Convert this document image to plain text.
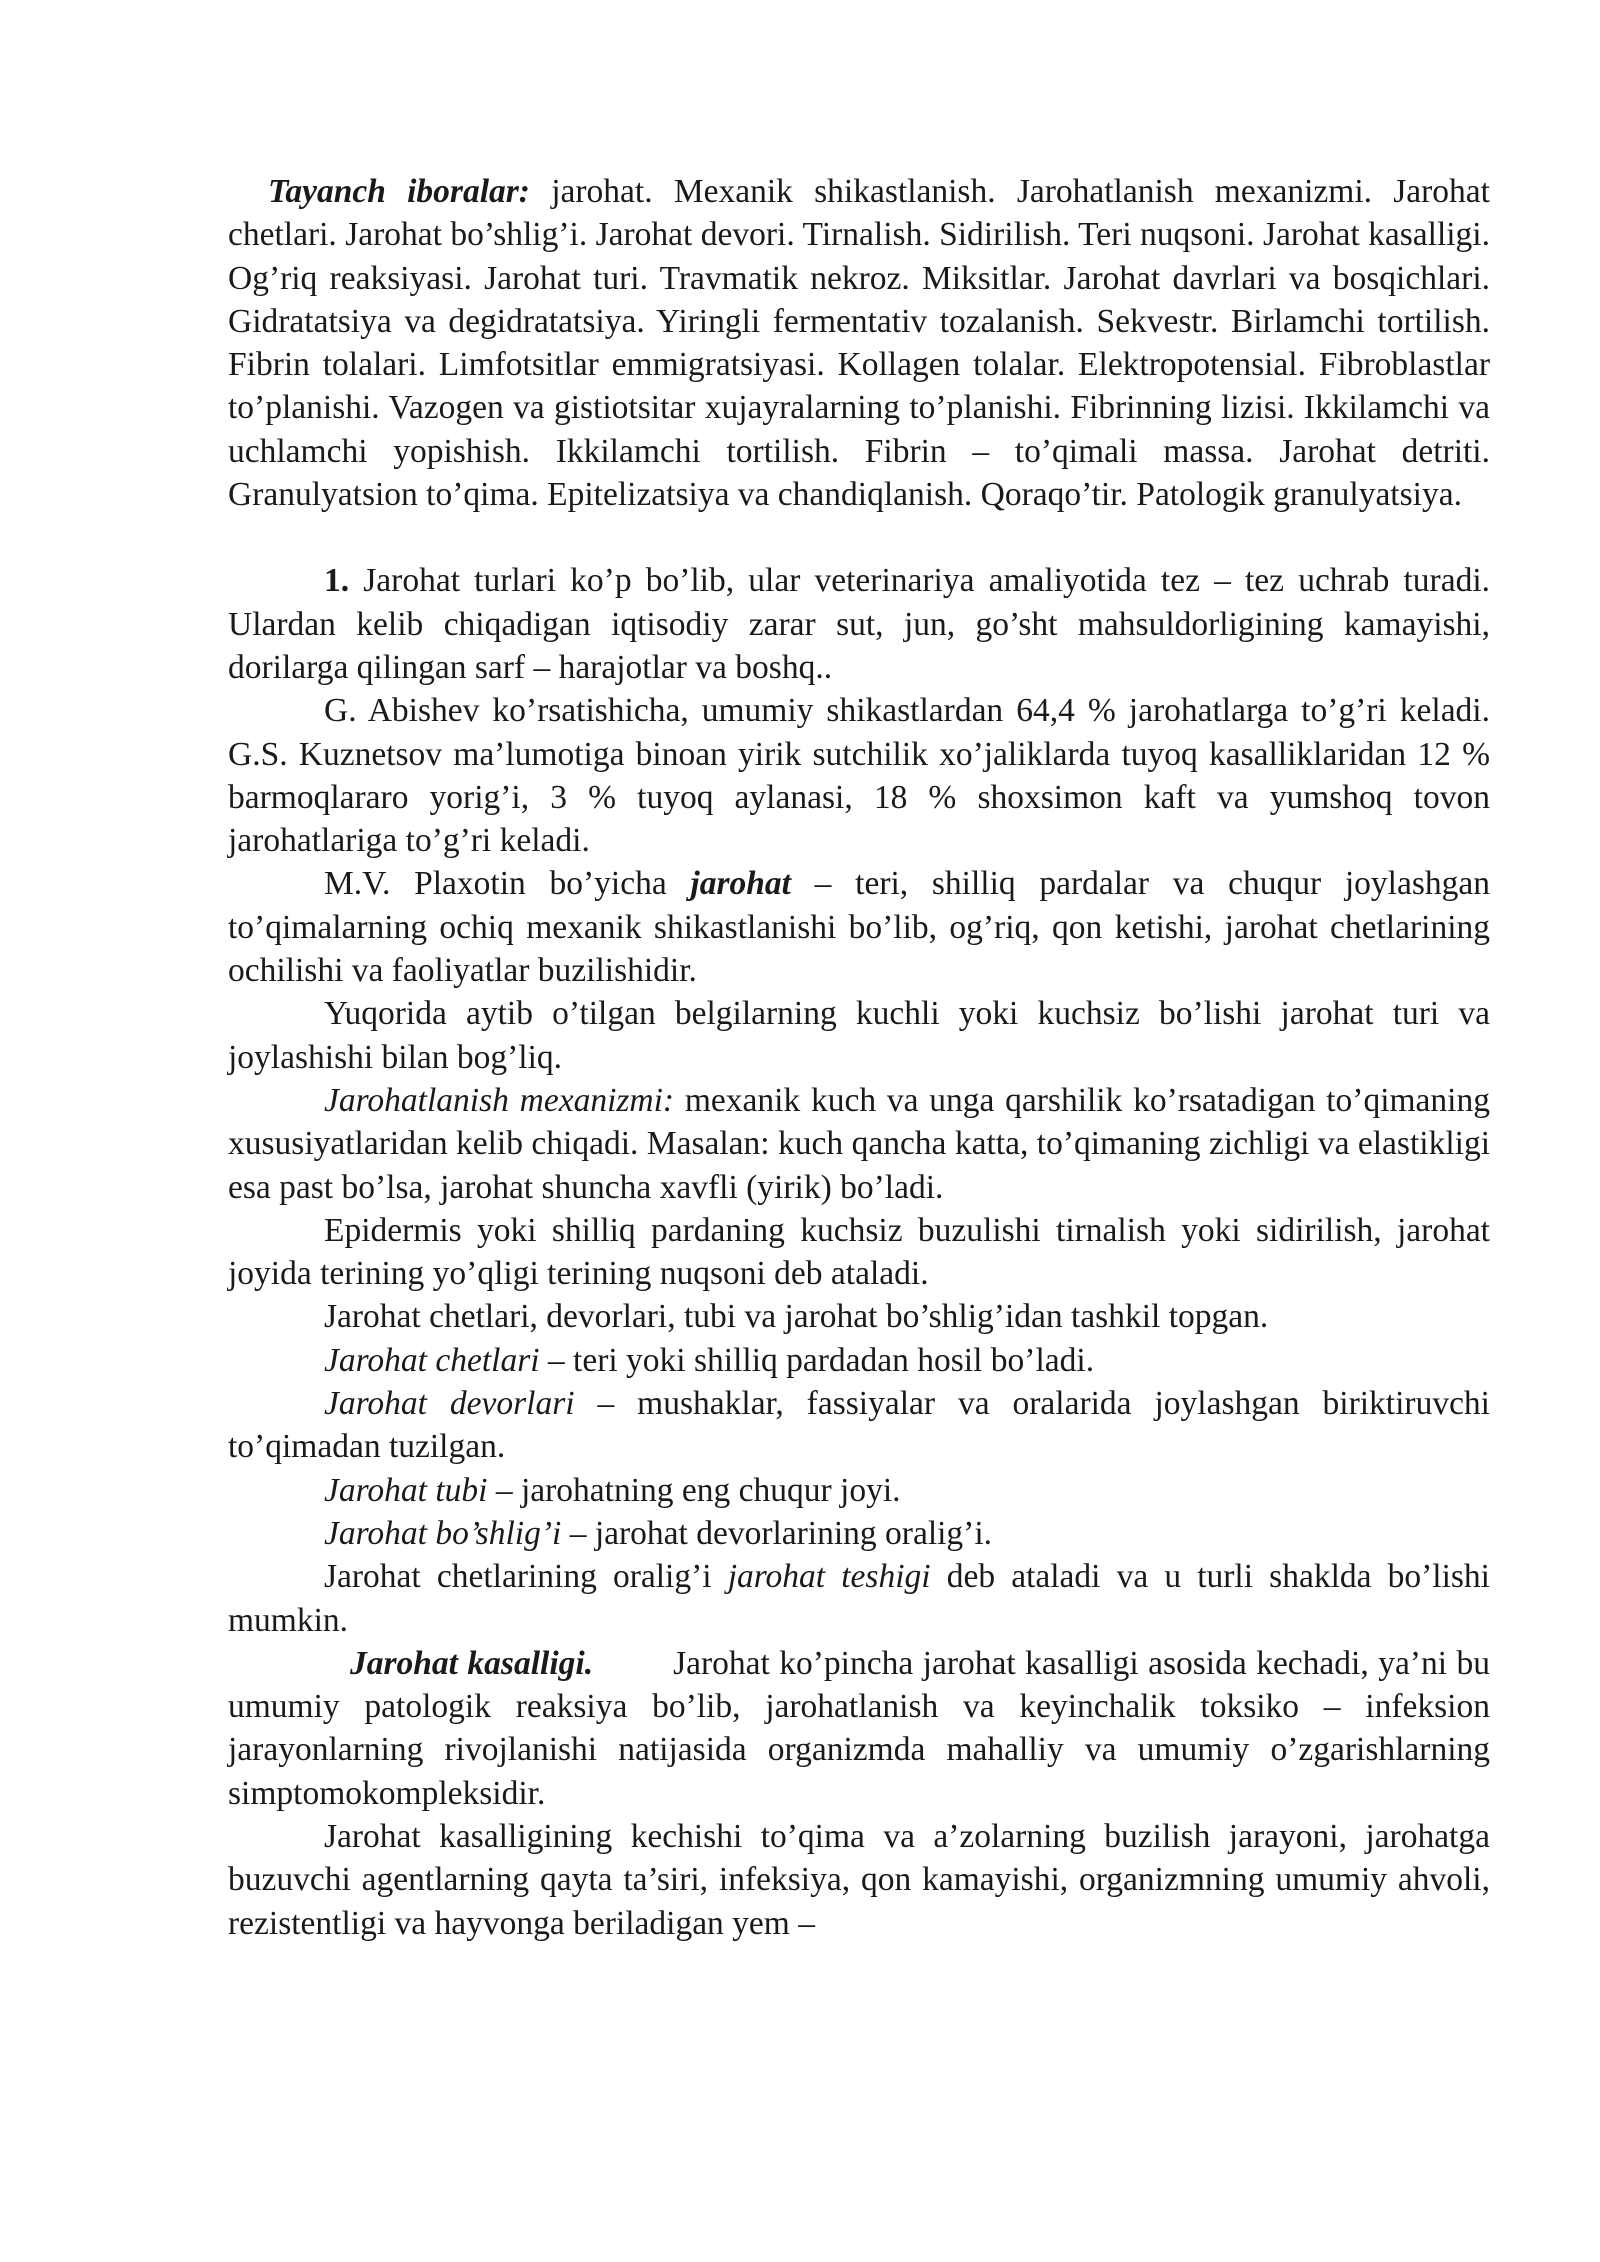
Tayanch iboralar: jarohat. Mexanik shikastlanish. Jarohatlanish mexanizmi. Jarohat chetlari. Jarohat bo’shlig’i. Jarohat devori. Tirnalish. Sidirilish. Teri nuqsoni. Jarohat kasalligi. Og’riq reaksiyasi. Jarohat turi. Travmatik nekroz. Miksitlar. Jarohat davrlari va bosqichlari. Gidratatsiya va degidratatsiya. Yiringli fermentativ tozalanish. Sekvestr. Birlamchi tortilish. Fibrin tolalari. Limfotsitlar emmigratsiyasi. Kollagen tolalar. Elektropotensial. Fibroblastlar to’planishi. Vazogen va gistiotsitar xujayralarning to’planishi. Fibrinning lizisi. Ikkilamchi va uchlamchi yopishish. Ikkilamchi tortilish. Fibrin – to’qimali massa. Jarohat detriti. Granulyatsion to’qima. Epitelizatsiya va chandiqlanish. Qoraqo’tir. Patologik granulyatsiya.

1. Jarohat turlari ko’p bo’lib, ular veterinariya amaliyotida tez – tez uchrab turadi. Ulardan kelib chiqadigan iqtisodiy zarar sut, jun, go’sht mahsuldorligining kamayishi, dorilarga qilingan sarf – harajotlar va boshq..

G. Abishev ko’rsatishicha, umumiy shikastlardan 64,4 % jarohatlarga to’g’ri keladi. G.S. Kuznetsov ma’lumotiga binoan yirik sutchilik xo’jaliklarda tuyoq kasalliklaridan 12 % barmoqlararo yorig’i, 3 % tuyoq aylanasi, 18 % shoxsimon kaft va yumshoq tovon jarohatlariga to’g’ri keladi.

M.V. Plaxotin bo’yicha jarohat – teri, shilliq pardalar va chuqur joylashgan to’qimalarning ochiq mexanik shikastlanishi bo’lib, og’riq, qon ketishi, jarohat chetlarining ochilishi va faoliyatlar buzilishidir.

Yuqorida aytib o’tilgan belgilarning kuchli yoki kuchsiz bo’lishi jarohat turi va joylashishi bilan bog’liq.

Jarohatlanish mexanizmi: mexanik kuch va unga qarshilik ko’rsatadigan to’qimaning xususiyatlaridan kelib chiqadi. Masalan: kuch qancha katta, to’qimaning zichligi va elastikligi esa past bo’lsa, jarohat shuncha xavfli (yirik) bo’ladi.

Epidermis yoki shilliq pardaning kuchsiz buzulishi tirnalish yoki sidirilish, jarohat joyida terining yo’qligi terining nuqsoni deb ataladi.

Jarohat chetlari, devorlari, tubi va jarohat bo’shlig’idan tashkil topgan.

Jarohat chetlari – teri yoki shilliq pardadan hosil bo’ladi.

Jarohat devorlari – mushaklar, fassiyalar va oralarida joylashgan biriktiruvchi to’qimadan tuzilgan.

Jarohat tubi – jarohatning eng chuqur joyi.

Jarohat bo’shlig’i – jarohat devorlarining oralig’i.

Jarohat chetlarining oralig’i jarohat teshigi deb ataladi va u turli shaklda bo’lishi mumkin.

Jarohat kasalligi. Jarohat ko’pincha jarohat kasalligi asosida kechadi, ya’ni bu umumiy patologik reaksiya bo’lib, jarohatlanish va keyinchalik toksiko – infeksion jarayonlarning rivojlanishi natijasida organizmda mahalliy va umumiy o’zgarishlarning simptomokompleksidir.

Jarohat kasalligining kechishi to’qima va a’zolarning buzilish jarayoni, jarohatga buzuvchi agentlarning qayta ta’siri, infeksiya, qon kamayishi, organizmning umumiy ahvoli, rezistentligi va hayvonga beriladigan yem –
